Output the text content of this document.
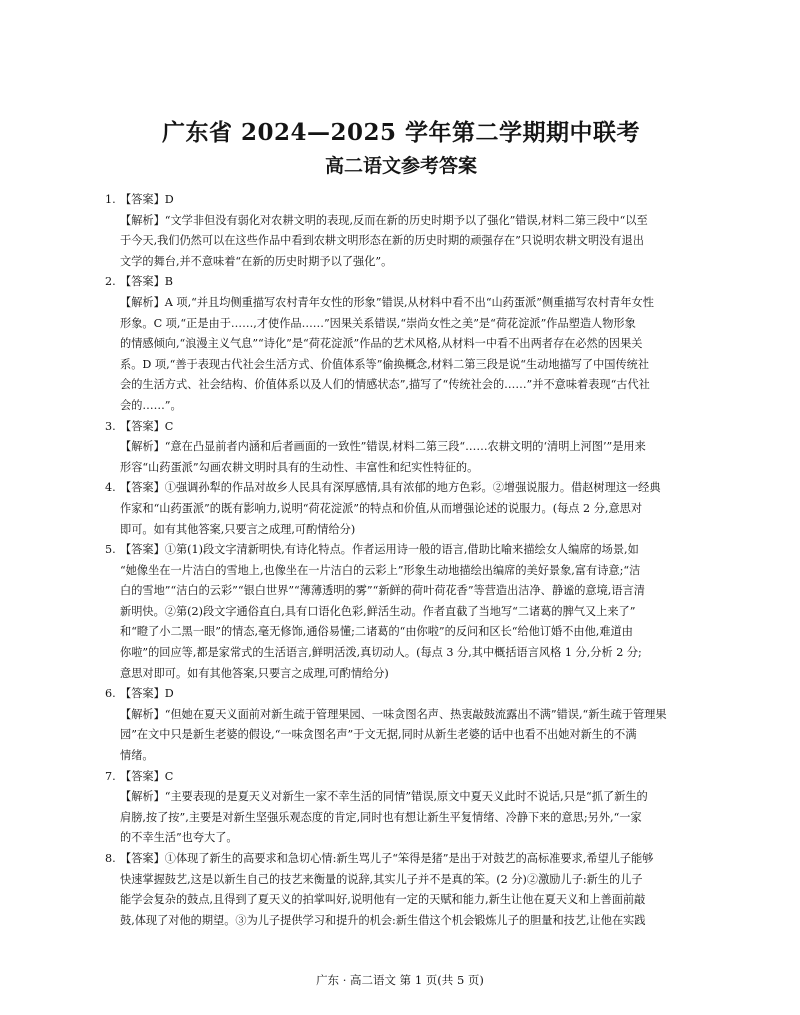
广东省 2024—2025 学年第二学期期中联考
高二语文参考答案
1. 【答案】D
【解析】“文学非但没有弱化对农耕文明的表现,反而在新的历史时期予以了强化”错误,材料二第三段中“以至
于今天,我们仍然可以在这些作品中看到农耕文明形态在新的历史时期的顽强存在”只说明农耕文明没有退出
文学的舞台,并不意味着“在新的历史时期予以了强化”。
2. 【答案】B
【解析】A 项,“并且均侧重描写农村青年女性的形象”错误,从材料中看不出“山药蛋派”侧重描写农村青年女性
形象。C 项,“正是由于……,才使作品……”因果关系错误,“崇尚女性之美”是“荷花淀派”作品塑造人物形象
的情感倾向,“浪漫主义气息”“诗化”是“荷花淀派”作品的艺术风格,从材料一中看不出两者存在必然的因果关
系。D 项,“善于表现古代社会生活方式、价值体系等”偷换概念,材料二第三段是说“生动地描写了中国传统社
会的生活方式、社会结构、价值体系以及人们的情感状态”,描写了“传统社会的……”并不意味着表现“古代社
会的……”。
3. 【答案】C
【解析】“意在凸显前者内涵和后者画面的一致性”错误,材料二第三段“……农耕文明的‘清明上河图’”是用来
形容“山药蛋派”勾画农耕文明时具有的生动性、丰富性和纪实性特征的。
4. 【答案】①强调孙犁的作品对故乡人民具有深厚感情,具有浓郁的地方色彩。②增强说服力。借赵树理这一经典
作家和“山药蛋派”的既有影响力,说明“荷花淀派”的特点和价值,从而增强论述的说服力。(每点 2 分,意思对
即可。如有其他答案,只要言之成理,可酌情给分)
5. 【答案】①第(1)段文字清新明快,有诗化特点。作者运用诗一般的语言,借助比喻来描绘女人编席的场景,如
“她像坐在一片洁白的雪地上,也像坐在一片洁白的云彩上”形象生动地描绘出编席的美好景象,富有诗意;“洁
白的雪地”“洁白的云彩”“银白世界”“薄薄透明的雾”“新鲜的荷叶荷花香”等营造出洁净、静谧的意境,语言清
新明快。②第(2)段文字通俗直白,具有口语化色彩,鲜活生动。作者直截了当地写“二诸葛的脾气又上来了”
和“瞪了小二黑一眼”的情态,毫无修饰,通俗易懂;二诸葛的“由你啦”的反问和区长“给他订婚不由他,难道由
你啦”的回应等,都是家常式的生活语言,鲜明活泼,真切动人。(每点 3 分,其中概括语言风格 1 分,分析 2 分;
意思对即可。如有其他答案,只要言之成理,可酌情给分)
6. 【答案】D
【解析】“但她在夏天义面前对新生疏于管理果园、一味贪图名声、热衷敲鼓流露出不满”错误,“新生疏于管理果
园”在文中只是新生老婆的假设,“一味贪图名声”于文无据,同时从新生老婆的话中也看不出她对新生的不满
情绪。
7. 【答案】C
【解析】“主要表现的是夏天义对新生一家不幸生活的同情”错误,原文中夏天义此时不说话,只是“抓了新生的
肩膀,按了按”,主要是对新生坚强乐观态度的肯定,同时也有想让新生平复情绪、冷静下来的意思;另外,“一家
的不幸生活”也夸大了。
8. 【答案】①体现了新生的高要求和急切心情:新生骂儿子“笨得是猪”是出于对鼓艺的高标准要求,希望儿子能够
快速掌握鼓艺,这是以新生自己的技艺来衡量的说辞,其实儿子并不是真的笨。(2 分)②激励儿子:新生的儿子
能学会复杂的鼓点,且得到了夏天义的拍掌叫好,说明他有一定的天赋和能力,新生让他在夏天义和上善面前敲
鼓,体现了对他的期望。③为儿子提供学习和提升的机会:新生借这个机会锻炼儿子的胆量和技艺,让他在实践
广东 · 高二语文 第 1 页(共 5 页)
